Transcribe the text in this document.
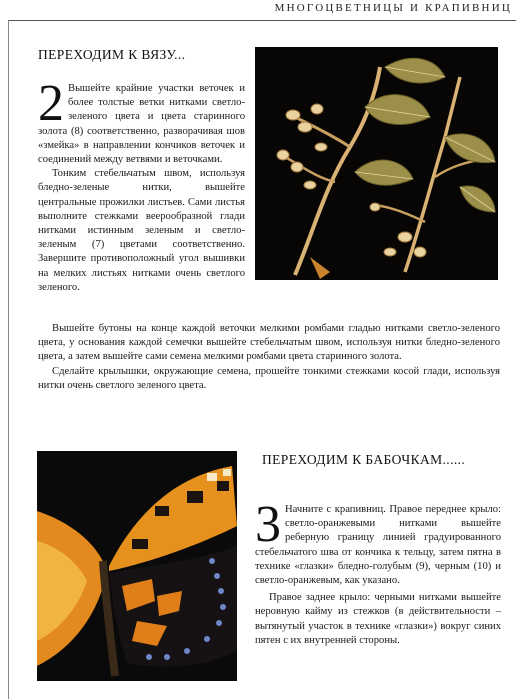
МНОГОЦВЕТНИЦЫ И КРАПИВНИЦ
ПЕРЕХОДИМ К ВЯЗУ...

2 Вышейте крайние участки веточек и более толстые ветки нитками светло-зеленого цвета и цвета старинного золота (8) соответственно, разворачивая шов «змейка» в направлении кончиков веточек и соединений между ветвями и веточками.

Тонким стебельчатым швом, используя бледно-зеленые нитки, вышейте центральные прожилки листьев. Сами листья выполните стежками веерообразной глади нитками истинным зеленым и светло-зеленым (7) цветами соответственно. Завершите противоположный угол вышивки на мелких листьях нитками очень светлого зеленого.

Вышейте бутоны на конце каждой веточки мелкими ромбами гладью нитками светло-зеленого цвета, у основания каждой семечки вышейте стебельчатым швом, используя нитки бледно-зеленого цвета, а затем вышейте сами семена мелкими ромбами цвета старинного золота.

Сделайте крылышки, окружающие семена, прошейте тонкими стежками косой глади, используя нитки очень светлого зеленого цвета.

ПЕРЕХОДИМ К БАБОЧКАМ......

3 Начните с крапивниц. Правое переднее крыло: светло-оранжевыми нитками вышейте реберную границу линией градуированного стебельчатого шва от кончика к тельцу, затем пятна в технике «глазки» бледно-голубым (9), черным (10) и светло-оранжевым, как указано.

Правое заднее крыло: черными нитками вышейте неровную кайму из стежков (в действительности – вытянутый участок в технике «глазки») вокруг синих пятен с их внутренней стороны.
